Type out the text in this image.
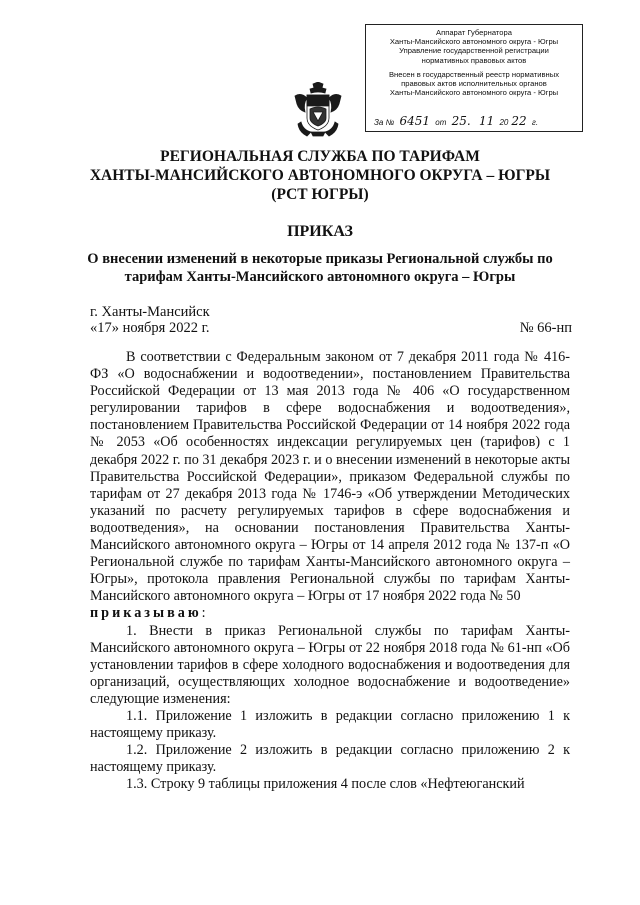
Аппарат Губернатора
Ханты-Мансийского автономного округа - Югры
Управление государственной регистрации
нормативных правовых актов
Внесен в государственный реестр нормативных
правовых актов исполнительных органов
Ханты-Мансийского автономного округа - Югры
За № 6451 от 25. 11 20 22 г.
РЕГИОНАЛЬНАЯ СЛУЖБА ПО ТАРИФАМ
ХАНТЫ-МАНСИЙСКОГО АВТОНОМНОГО ОКРУГА – ЮГРЫ
(РСТ ЮГРЫ)
ПРИКАЗ
О внесении изменений в некоторые приказы Региональной службы по тарифам Ханты-Мансийского автономного округа – Югры
г. Ханты-Мансийск
«17» ноября 2022 г.	№ 66-нп

В соответствии с Федеральным законом от 7 декабря 2011 года № 416-ФЗ «О водоснабжении и водоотведении», постановлением Правительства Российской Федерации от 13 мая 2013 года № 406 «О государственном регулировании тарифов в сфере водоснабжения и водоотведения», постановлением Правительства Российской Федерации от 14 ноября 2022 года № 2053 «Об особенностях индексации регулируемых цен (тарифов) с 1 декабря 2022 г. по 31 декабря 2023 г. и о внесении изменений в некоторые акты Правительства Российской Федерации», приказом Федеральной службы по тарифам от 27 декабря 2013 года № 1746-э «Об утверждении Методических указаний по расчету регулируемых тарифов в сфере водоснабжения и водоотведения», на основании постановления Правительства Ханты-Мансийского автономного округа – Югры от 14 апреля 2012 года № 137-п «О Региональной службе по тарифам Ханты-Мансийского автономного округа – Югры», протокола правления Региональной службы по тарифам Ханты-Мансийского автономного округа – Югры от 17 ноября 2022 года № 50

приказываю:

1. Внести в приказ Региональной службы по тарифам Ханты-Мансийского автономного округа – Югры от 22 ноября 2018 года № 61-нп «Об установлении тарифов в сфере холодного водоснабжения и водоотведения для организаций, осуществляющих холодное водоснабжение и водоотведение» следующие изменения:

1.1. Приложение 1 изложить в редакции согласно приложению 1 к настоящему приказу.

1.2. Приложение 2 изложить в редакции согласно приложению 2 к настоящему приказу.

1.3. Строку 9 таблицы приложения 4 после слов «Нефтеюганский
